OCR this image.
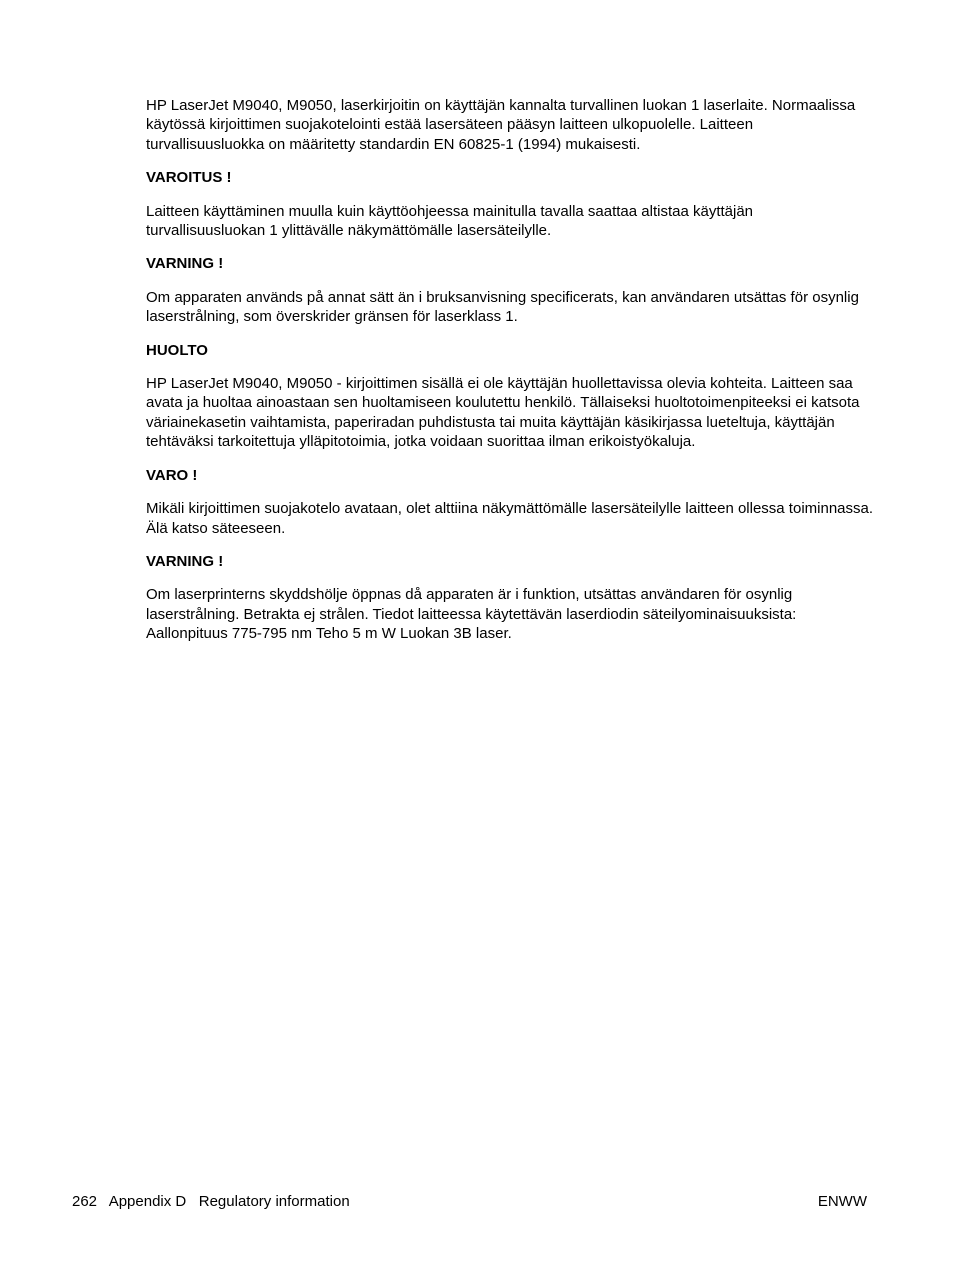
HP LaserJet M9040, M9050, laserkirjoitin on käyttäjän kannalta turvallinen luokan 1 laserlaite. Normaalissa käytössä kirjoittimen suojakotelointi estää lasersäteen pääsyn laitteen ulkopuolelle. Laitteen turvallisuusluokka on määritetty standardin EN 60825-1 (1994) mukaisesti.

VAROITUS !

Laitteen käyttäminen muulla kuin käyttöohjeessa mainitulla tavalla saattaa altistaa käyttäjän turvallisuusluokan 1 ylittävälle näkymättömälle lasersäteilylle.

VARNING !

Om apparaten används på annat sätt än i bruksanvisning specificerats, kan användaren utsättas för osynlig laserstrålning, som överskrider gränsen för laserklass 1.

HUOLTO

HP LaserJet M9040, M9050 - kirjoittimen sisällä ei ole käyttäjän huollettavissa olevia kohteita. Laitteen saa avata ja huoltaa ainoastaan sen huoltamiseen koulutettu henkilö. Tällaiseksi huoltotoimenpiteeksi ei katsota väriainekasetin vaihtamista, paperiradan puhdistusta tai muita käyttäjän käsikirjassa lueteltuja, käyttäjän tehtäväksi tarkoitettuja ylläpitotoimia, jotka voidaan suorittaa ilman erikoistyökaluja.

VARO !

Mikäli kirjoittimen suojakotelo avataan, olet alttiina näkymättömälle lasersäteilylle laitteen ollessa toiminnassa. Älä katso säteeseen.

VARNING !

Om laserprinterns skyddshölje öppnas då apparaten är i funktion, utsättas användaren för osynlig laserstrålning. Betrakta ej strålen. Tiedot laitteessa käytettävän laserdiodin säteilyominaisuuksista: Aallonpituus 775-795 nm Teho 5 m W Luokan 3B laser.

262   Appendix D   Regulatory information	ENWW
